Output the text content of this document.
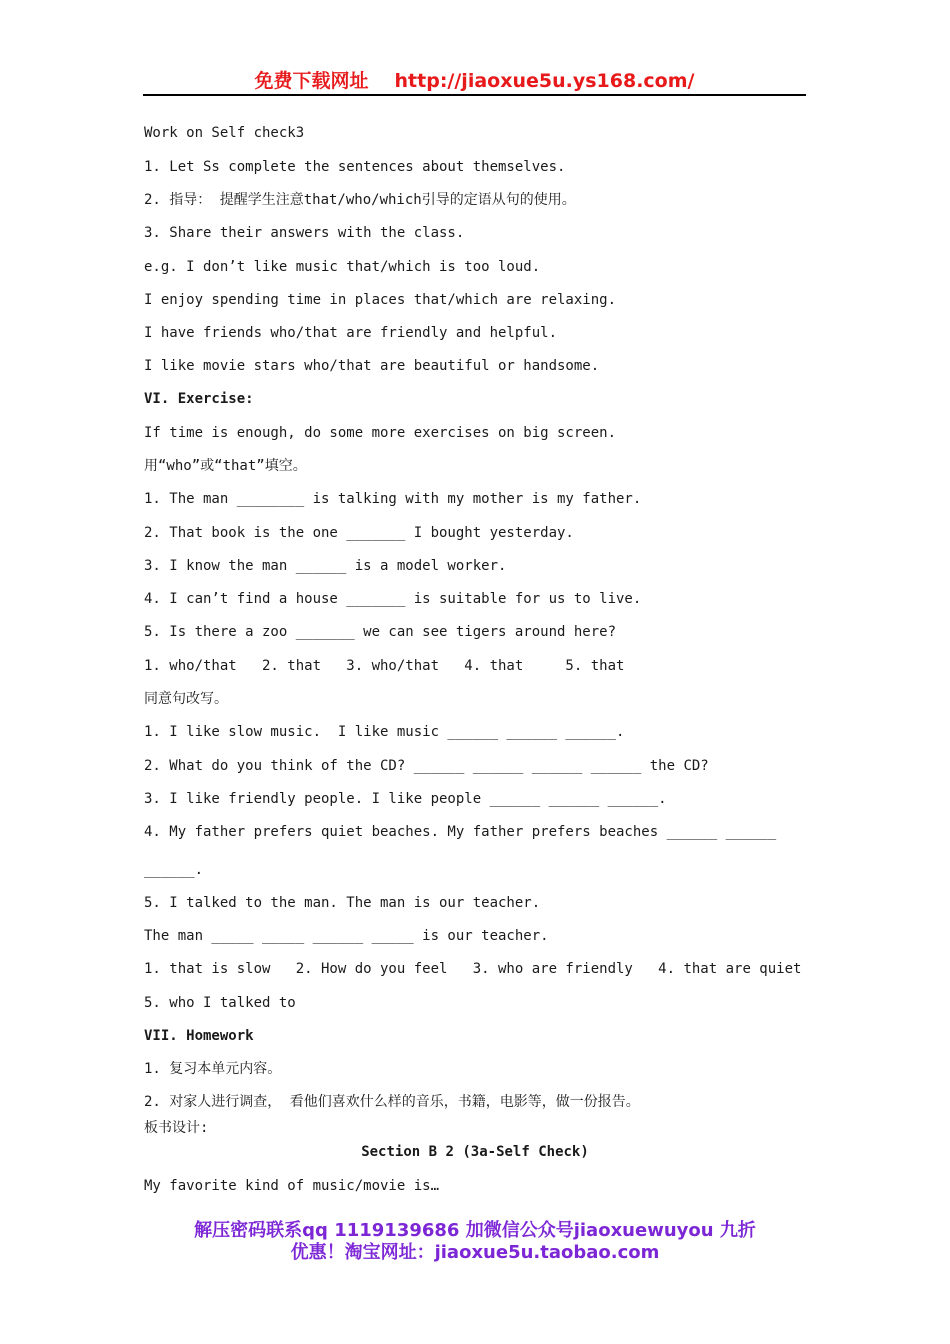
免费下载网址 http://jiaoxue5u.ys168.com/
Work on Self check3
1. Let Ss complete the sentences about themselves.
2. 指导： 提醒学生注意that/who/which引导的定语从句的使用。
3. Share their answers with the class.
e.g. I don’t like music that/which is too loud.
I enjoy spending time in places that/which are relaxing.
I have friends who/that are friendly and helpful.
I like movie stars who/that are beautiful or handsome.
VI. Exercise:
If time is enough, do some more exercises on big screen.
用“who”或“that”填空。
1. The man ________ is talking with my mother is my father.
2. That book is the one _______ I bought yesterday.
3. I know the man ______ is a model worker.
4. I can’t find a house _______ is suitable for us to live.
5. Is there a zoo _______ we can see tigers around here?
1. who/that   2. that   3. who/that   4. that     5. that
同意句改写。
1. I like slow music.  I like music ______ ______ ______.
2. What do you think of the CD? ______ ______ ______ ______ the CD?
3. I like friendly people. I like people ______ ______ ______.
4. My father prefers quiet beaches. My father prefers beaches ______ ______
______.
5. I talked to the man. The man is our teacher.
The man _____ _____ ______ _____ is our teacher.
1. that is slow   2. How do you feel   3. who are friendly   4. that are quiet
5. who I talked to
VII. Homework
1. 复习本单元内容。
2. 对家人进行调查， 看他们喜欢什么样的音乐，书籍，电影等，做一份报告。
板书设计:
Section B 2 (3a-Self Check)
My favorite kind of music/movie is…
解压密码联系qq 1119139686 加微信公众号jiaoxuewuyou 九折
优惠！淘宝网址：jiaoxue5u.taobao.com
